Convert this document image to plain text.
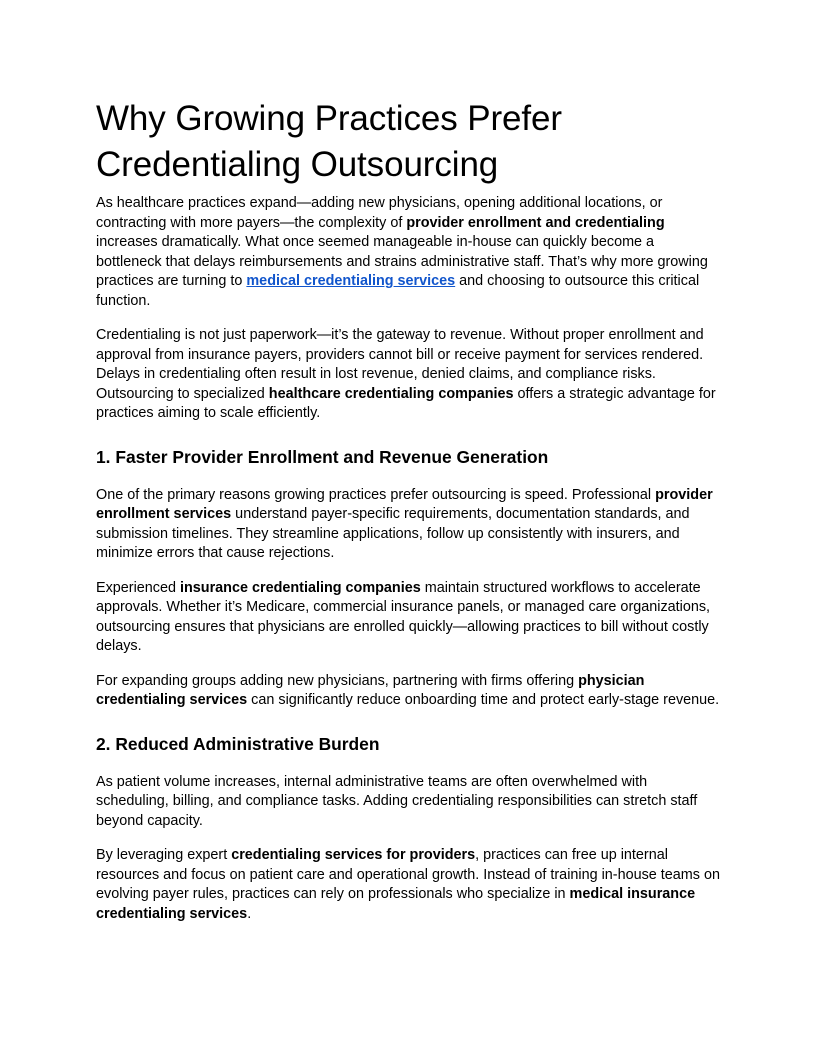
Why Growing Practices Prefer
Credentialing Outsourcing

As healthcare practices expand—adding new physicians, opening additional locations, or contracting with more payers—the complexity of provider enrollment and credentialing increases dramatically. What once seemed manageable in-house can quickly become a bottleneck that delays reimbursements and strains administrative staff. That’s why more growing practices are turning to medical credentialing services and choosing to outsource this critical function.

Credentialing is not just paperwork—it’s the gateway to revenue. Without proper enrollment and approval from insurance payers, providers cannot bill or receive payment for services rendered. Delays in credentialing often result in lost revenue, denied claims, and compliance risks. Outsourcing to specialized healthcare credentialing companies offers a strategic advantage for practices aiming to scale efficiently.

1. Faster Provider Enrollment and Revenue Generation

One of the primary reasons growing practices prefer outsourcing is speed. Professional provider enrollment services understand payer-specific requirements, documentation standards, and submission timelines. They streamline applications, follow up consistently with insurers, and minimize errors that cause rejections.

Experienced insurance credentialing companies maintain structured workflows to accelerate approvals. Whether it’s Medicare, commercial insurance panels, or managed care organizations, outsourcing ensures that physicians are enrolled quickly—allowing practices to bill without costly delays.

For expanding groups adding new physicians, partnering with firms offering physician credentialing services can significantly reduce onboarding time and protect early-stage revenue.

2. Reduced Administrative Burden

As patient volume increases, internal administrative teams are often overwhelmed with scheduling, billing, and compliance tasks. Adding credentialing responsibilities can stretch staff beyond capacity.

By leveraging expert credentialing services for providers, practices can free up internal resources and focus on patient care and operational growth. Instead of training in-house teams on evolving payer rules, practices can rely on professionals who specialize in medical insurance credentialing services.
